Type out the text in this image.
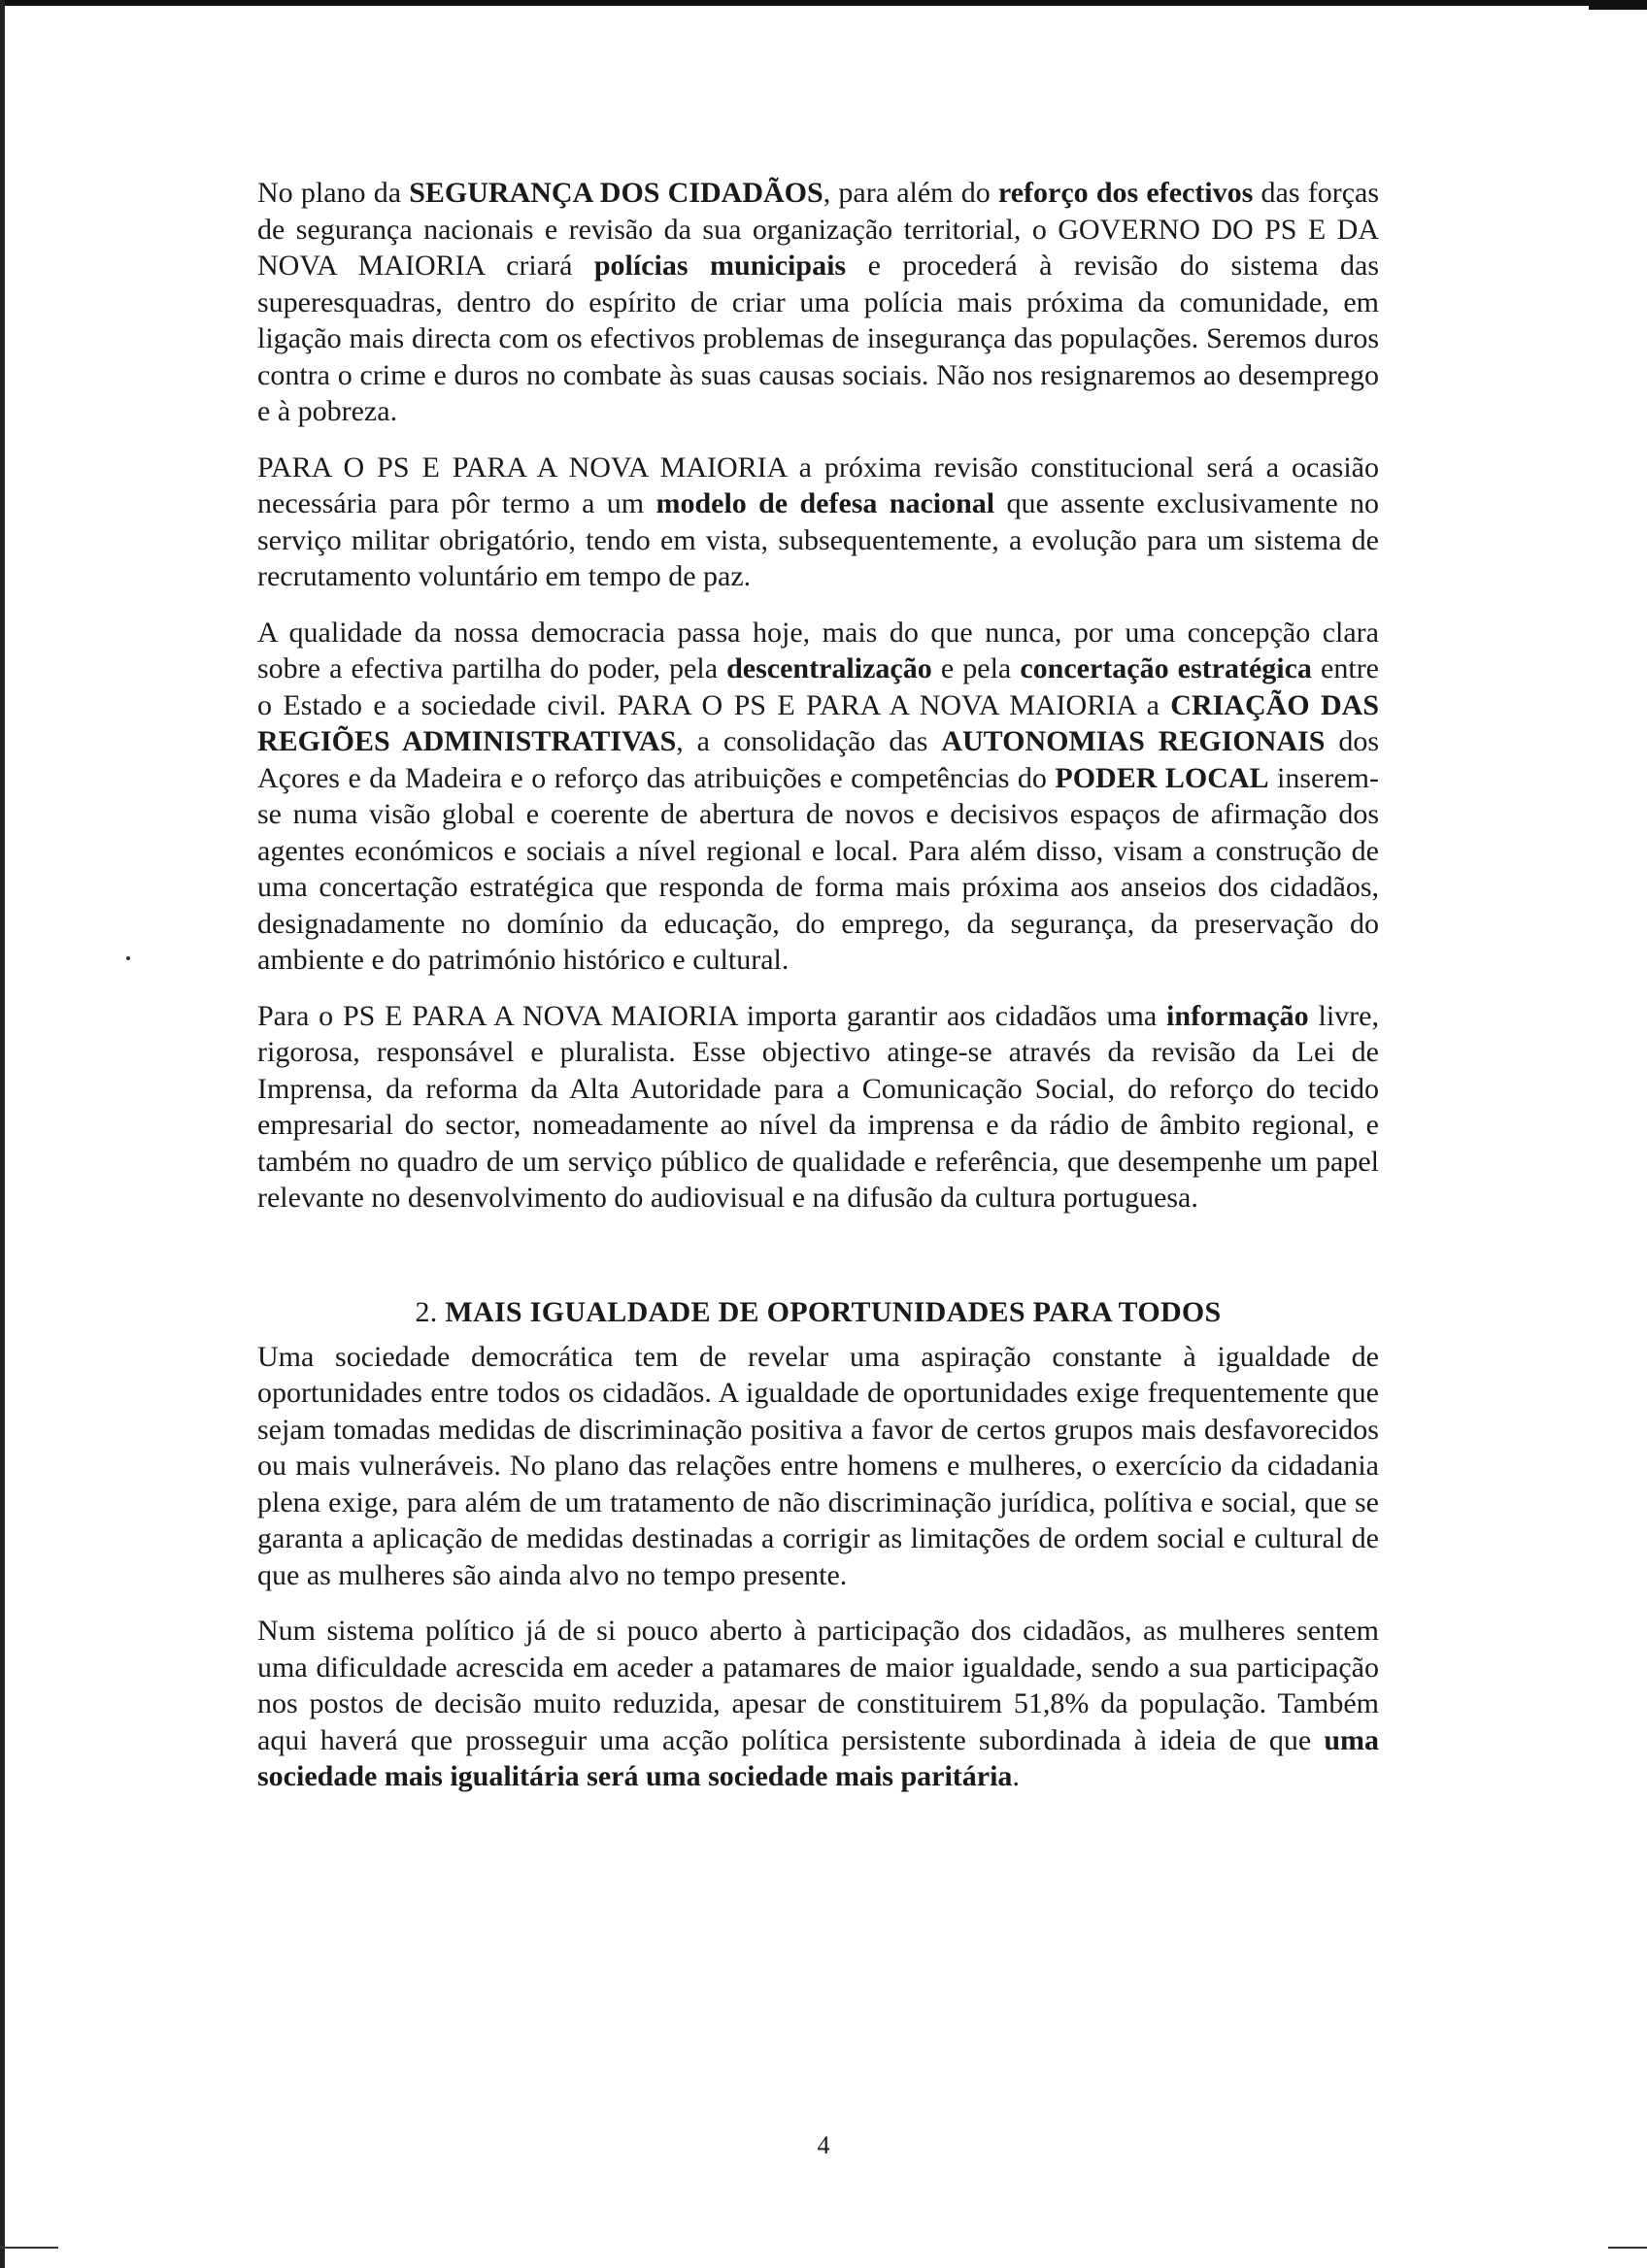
No plano da SEGURANÇA DOS CIDADÃOS, para além do reforço dos efectivos das forças de segurança nacionais e revisão da sua organização territorial, o GOVERNO DO PS E DA NOVA MAIORIA criará polícias municipais e procederá à revisão do sistema das superesquadras, dentro do espírito de criar uma polícia mais próxima da comunidade, em ligação mais directa com os efectivos problemas de insegurança das populações. Seremos duros contra o crime e duros no combate às suas causas sociais. Não nos resignaremos ao desemprego e à pobreza.

PARA O PS E PARA A NOVA MAIORIA a próxima revisão constitucional será a ocasião necessária para pôr termo a um modelo de defesa nacional que assente exclusivamente no serviço militar obrigatório, tendo em vista, subsequentemente, a evolução para um sistema de recrutamento voluntário em tempo de paz.

A qualidade da nossa democracia passa hoje, mais do que nunca, por uma concepção clara sobre a efectiva partilha do poder, pela descentralização e pela concertação estratégica entre o Estado e a sociedade civil. PARA O PS E PARA A NOVA MAIORIA a CRIAÇÃO DAS REGIÕES ADMINISTRATIVAS, a consolidação das AUTONOMIAS REGIONAIS dos Açores e da Madeira e o reforço das atribuições e competências do PODER LOCAL inserem-se numa visão global e coerente de abertura de novos e decisivos espaços de afirmação dos agentes económicos e sociais a nível regional e local. Para além disso, visam a construção de uma concertação estratégica que responda de forma mais próxima aos anseios dos cidadãos, designadamente no domínio da educação, do emprego, da segurança, da preservação do ambiente e do património histórico e cultural.

Para o PS E PARA A NOVA MAIORIA importa garantir aos cidadãos uma informação livre, rigorosa, responsável e pluralista. Esse objectivo atinge-se através da revisão da Lei de Imprensa, da reforma da Alta Autoridade para a Comunicação Social, do reforço do tecido empresarial do sector, nomeadamente ao nível da imprensa e da rádio de âmbito regional, e também no quadro de um serviço público de qualidade e referência, que desempenhe um papel relevante no desenvolvimento do audiovisual e na difusão da cultura portuguesa.

2. MAIS IGUALDADE DE OPORTUNIDADES PARA TODOS

Uma sociedade democrática tem de revelar uma aspiração constante à igualdade de oportunidades entre todos os cidadãos. A igualdade de oportunidades exige frequentemente que sejam tomadas medidas de discriminação positiva a favor de certos grupos mais desfavorecidos ou mais vulneráveis. No plano das relações entre homens e mulheres, o exercício da cidadania plena exige, para além de um tratamento de não discriminação jurídica, polítiva e social, que se garanta a aplicação de medidas destinadas a corrigir as limitações de ordem social e cultural de que as mulheres são ainda alvo no tempo presente.

Num sistema político já de si pouco aberto à participação dos cidadãos, as mulheres sentem uma dificuldade acrescida em aceder a patamares de maior igualdade, sendo a sua participação nos postos de decisão muito reduzida, apesar de constituirem 51,8% da população. Também aqui haverá que prosseguir uma acção política persistente subordinada à ideia de que uma sociedade mais igualitária será uma sociedade mais paritária.

4
